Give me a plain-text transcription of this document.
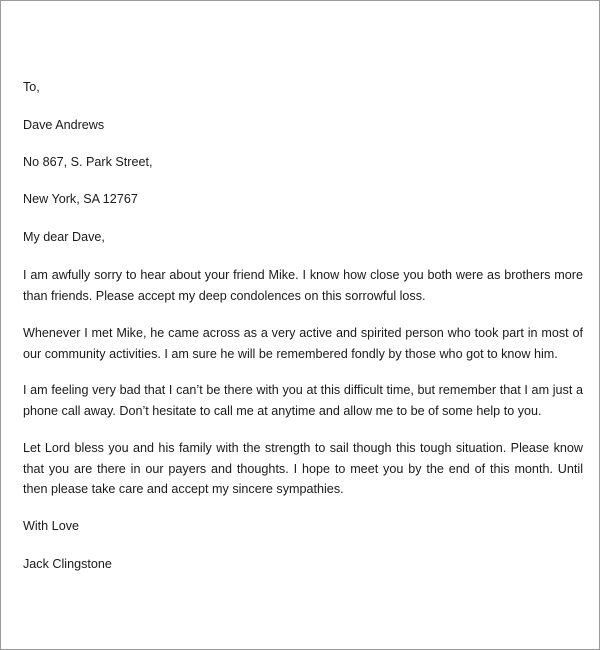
To,
Dave Andrews
No 867, S. Park Street,
New York, SA 12767
My dear Dave,
I am awfully sorry to hear about your friend Mike. I know how close you both were as brothers more than friends. Please accept my deep condolences on this sorrowful loss.
Whenever I met Mike, he came across as a very active and spirited person who took part in most of our community activities. I am sure he will be remembered fondly by those who got to know him.
I am feeling very bad that I can’t be there with you at this difficult time, but remember that I am just a phone call away. Don’t hesitate to call me at anytime and allow me to be of some help to you.
Let Lord bless you and his family with the strength to sail though this tough situation. Please know that you are there in our payers and thoughts. I hope to meet you by the end of this month. Until then please take care and accept my sincere sympathies.
With Love
Jack Clingstone
